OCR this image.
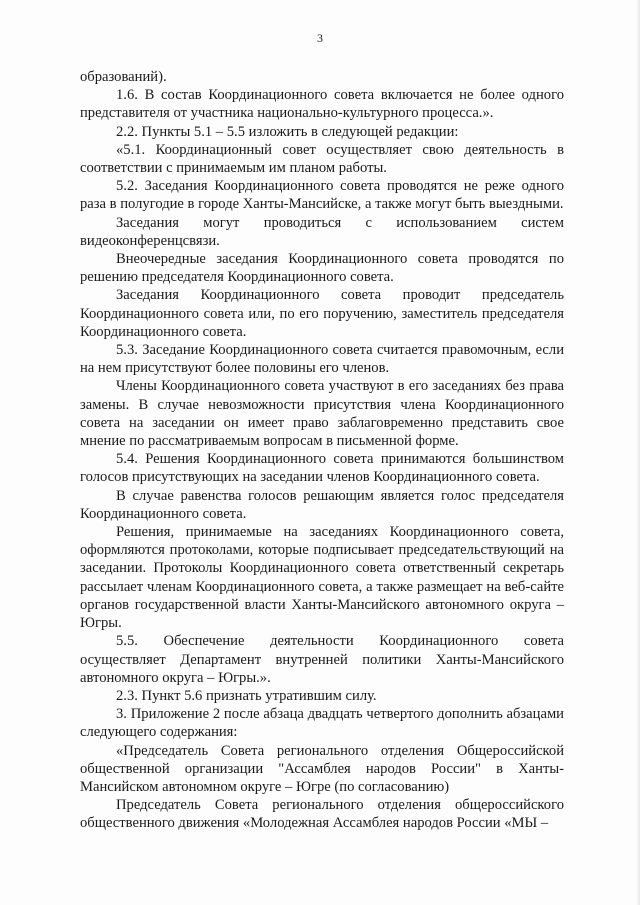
3

образований).

1.6. В состав Координационного совета включается не более одного представителя от участника национально-культурного процесса.».

2.2. Пункты 5.1 – 5.5 изложить в следующей редакции:

«5.1. Координационный совет осуществляет свою деятельность в соответствии с принимаемым им планом работы.

5.2. Заседания Координационного совета проводятся не реже одного раза в полугодие в городе Ханты-Мансийске, а также могут быть выездными.

Заседания могут проводиться с использованием систем видеоконференцсвязи.

Внеочередные заседания Координационного совета проводятся по решению председателя Координационного совета.

Заседания Координационного совета проводит председатель Координационного совета или, по его поручению, заместитель председателя Координационного совета.

5.3. Заседание Координационного совета считается правомочным, если на нем присутствуют более половины его членов.

Члены Координационного совета участвуют в его заседаниях без права замены. В случае невозможности присутствия члена Координационного совета на заседании он имеет право заблаговременно представить свое мнение по рассматриваемым вопросам в письменной форме.

5.4. Решения Координационного совета принимаются большинством голосов присутствующих на заседании членов Координационного совета.

В случае равенства голосов решающим является голос председателя Координационного совета.

Решения, принимаемые на заседаниях Координационного совета, оформляются протоколами, которые подписывает председательствующий на заседании. Протоколы Координационного совета ответственный секретарь рассылает членам Координационного совета, а также размещает на веб-сайте органов государственной власти Ханты-Мансийского автономного округа – Югры.

5.5. Обеспечение деятельности Координационного совета осуществляет Департамент внутренней политики Ханты-Мансийского автономного округа – Югры.».

2.3. Пункт 5.6 признать утратившим силу.

3. Приложение 2 после абзаца двадцать четвертого дополнить абзацами следующего содержания:

«Председатель Совета регионального отделения Общероссийской общественной организации "Ассамблея народов России" в Ханты-Мансийском автономном округе – Югре (по согласованию)

Председатель Совета регионального отделения общероссийского общественного движения «Молодежная Ассамблея народов России «МЫ –
